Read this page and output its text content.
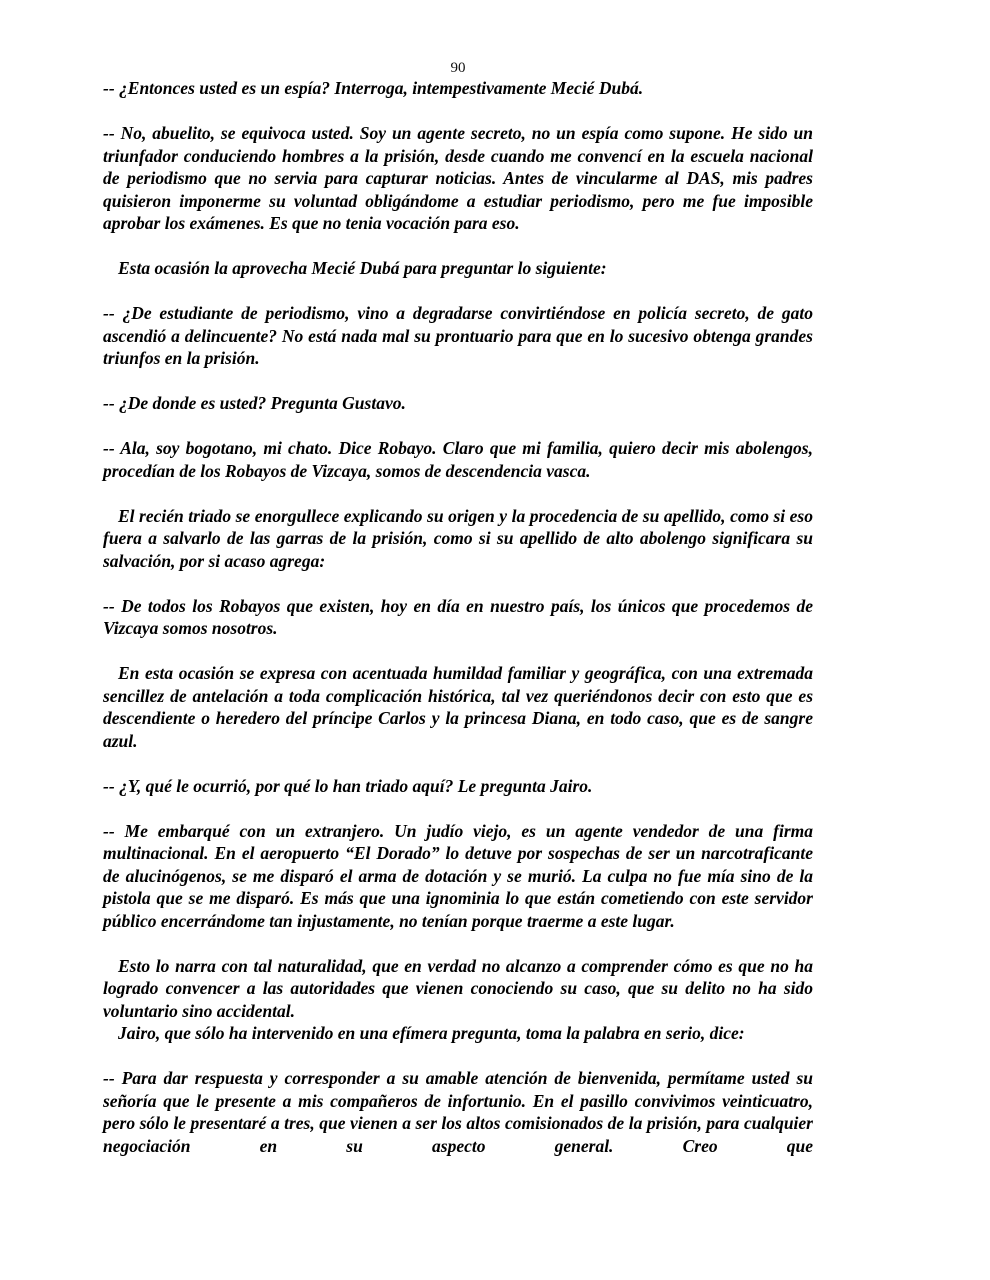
90

-- ¿Entonces usted es un espía? Interroga, intempestivamente Mecié Dubá.

-- No, abuelito, se equivoca usted. Soy un agente secreto, no un espía como supone. He sido un triunfador conduciendo hombres a la prisión, desde cuando me convencí en la escuela nacional de periodismo que no servia para capturar noticias. Antes de vincularme al DAS, mis padres quisieron imponerme su voluntad obligándome a estudiar periodismo, pero me fue imposible aprobar los exámenes. Es que no tenia vocación para eso.

Esta ocasión la aprovecha Mecié Dubá para preguntar lo siguiente:

-- ¿De estudiante de periodismo, vino a degradarse convirtiéndose en policía secreto, de gato ascendió a delincuente? No está nada mal su prontuario para que en lo sucesivo obtenga grandes triunfos en la prisión.

-- ¿De donde es usted? Pregunta Gustavo.

-- Ala, soy bogotano, mi chato. Dice Robayo. Claro que mi familia, quiero decir mis abolengos, procedían de los Robayos de Vizcaya, somos de descendencia vasca.

El recién triado se enorgullece explicando su origen y la procedencia de su apellido, como si eso fuera a salvarlo de las garras de la prisión, como si su apellido de alto abolengo significara su salvación, por si acaso agrega:

-- De todos los Robayos que existen, hoy en día en nuestro país, los únicos que procedemos de Vizcaya somos nosotros.

En esta ocasión se expresa con acentuada humildad familiar y geográfica, con una extremada sencillez de antelación a toda complicación histórica, tal vez queriéndonos decir con esto que es descendiente o heredero del príncipe Carlos y la princesa Diana, en todo caso, que es de sangre azul.

-- ¿Y, qué le ocurrió, por qué lo han triado aquí? Le pregunta Jairo.

-- Me embarqué con un extranjero. Un judío viejo, es un agente vendedor de una firma multinacional. En el aeropuerto “El Dorado” lo detuve por sospechas de ser un narcotraficante de alucinógenos, se me disparó el arma de dotación y se murió. La culpa no fue mía sino de la pistola que se me disparó. Es más que una ignominia lo que están cometiendo con este servidor público encerrándome tan injustamente, no tenían porque traerme a este lugar.

Esto lo narra con tal naturalidad, que en verdad no alcanzo a comprender cómo es que no ha logrado convencer a las autoridades que vienen conociendo su caso, que su delito no ha sido voluntario sino accidental.

Jairo, que sólo ha intervenido en una efímera pregunta, toma la palabra en serio, dice:

-- Para dar respuesta y corresponder a su amable atención de bienvenida, permítame usted su señoría que le presente a mis compañeros de infortunio. En el pasillo convivimos veinticuatro, pero sólo le presentaré a tres, que vienen a ser los altos comisionados de la prisión, para cualquier negociación en su aspecto general. Creo que
